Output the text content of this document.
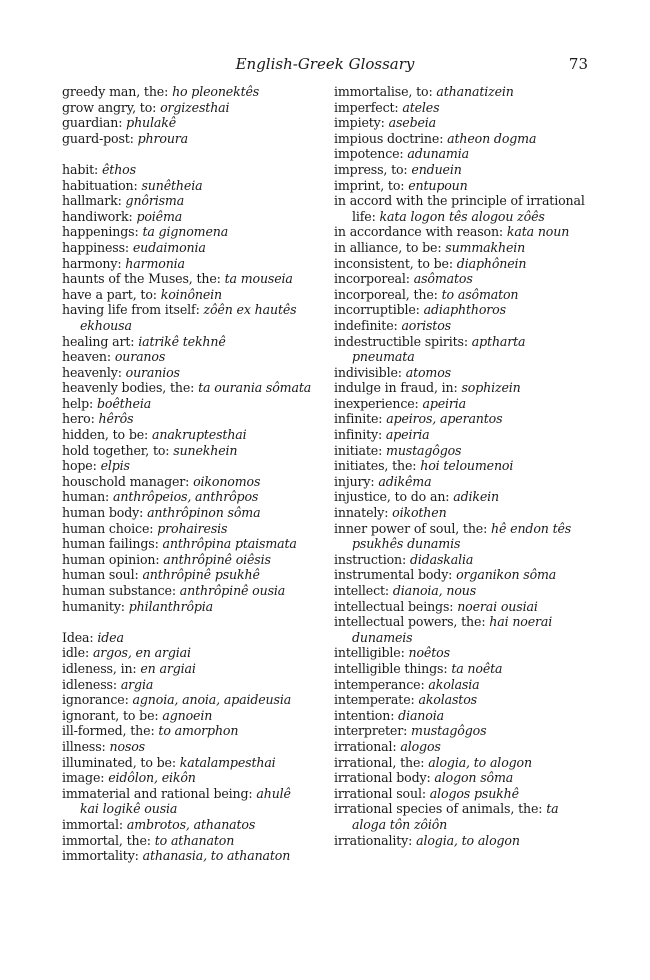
English-Greek Glossary	73

greedy man, the: ho pleonektês

grow angry, to: orgizesthai

guardian: phulakê

guard-post: phroura

habit: êthos

habituation: sunêtheia

hallmark: gnôrisma

handiwork: poiêma

happenings: ta gignomena

happiness: eudaimonia

harmony: harmonia

haunts of the Muses, the: ta mouseia

have a part, to: koinônein

having life from itself: zôên ex hautês ekhousa

healing art: iatrikê tekhnê

heaven: ouranos

heavenly: ouranios

heavenly bodies, the: ta ourania sômata

help: boêtheia

hero: hêrôs

hidden, to be: anakruptesthai

hold together, to: sunekhein

hope: elpis

houschold manager: oikonomos

human: anthrôpeios, anthrôpos

human body: anthrôpinon sôma

human choice: prohairesis

human failings: anthrôpina ptaismata

human opinion: anthrôpinê oiêsis

human soul: anthrôpinê psukhê

human substance: anthrôpinê ousia

humanity: philanthrôpia

Idea: idea

idle: argos, en argiai

idleness, in: en argiai

idleness: argia

ignorance: agnoia, anoia, apaideusia

ignorant, to be: agnoein

ill-formed, the: to amorphon

illness: nosos

illuminated, to be: katalampesthai

image: eidôlon, eikôn

immaterial and rational being: ahulê kai logikê ousia

immortal: ambrotos, athanatos

immortal, the: to athanaton

immortality: athanasia, to athanaton

immortalise, to: athanatizein

imperfect: ateles

impiety: asebeia

impious doctrine: atheon dogma

impotence: adunamia

impress, to: enduein

imprint, to: entupoun

in accord with the principle of irrational life: kata logon tês alogou zôês

in accordance with reason: kata noun

in alliance, to be: summakhein

inconsistent, to be: diaphônein

incorporeal: asômatos

incorporeal, the: to asômaton

incorruptible: adiaphthoros

indefinite: aoristos

indestructible spirits: aptharta pneumata

indivisible: atomos

indulge in fraud, in: sophizein

inexperience: apeiria

infinite: apeiros, aperantos

infinity: apeiria

initiate: mustagôgos

initiates, the: hoi teloumenoi

injury: adikêma

injustice, to do an: adikein

innately: oikothen

inner power of soul, the: hê endon tês psukhês dunamis

instruction: didaskalia

instrumental body: organikon sôma

intellect: dianoia, nous

intellectual beings: noerai ousiai

intellectual powers, the: hai noerai dunameis

intelligible: noêtos

intelligible things: ta noêta

intemperance: akolasia

intemperate: akolastos

intention: dianoia

interpreter: mustagôgos

irrational: alogos

irrational, the: alogia, to alogon

irrational body: alogon sôma

irrational soul: alogos psukhê

irrational species of animals, the: ta aloga tôn zôiôn

irrationality: alogia, to alogon
